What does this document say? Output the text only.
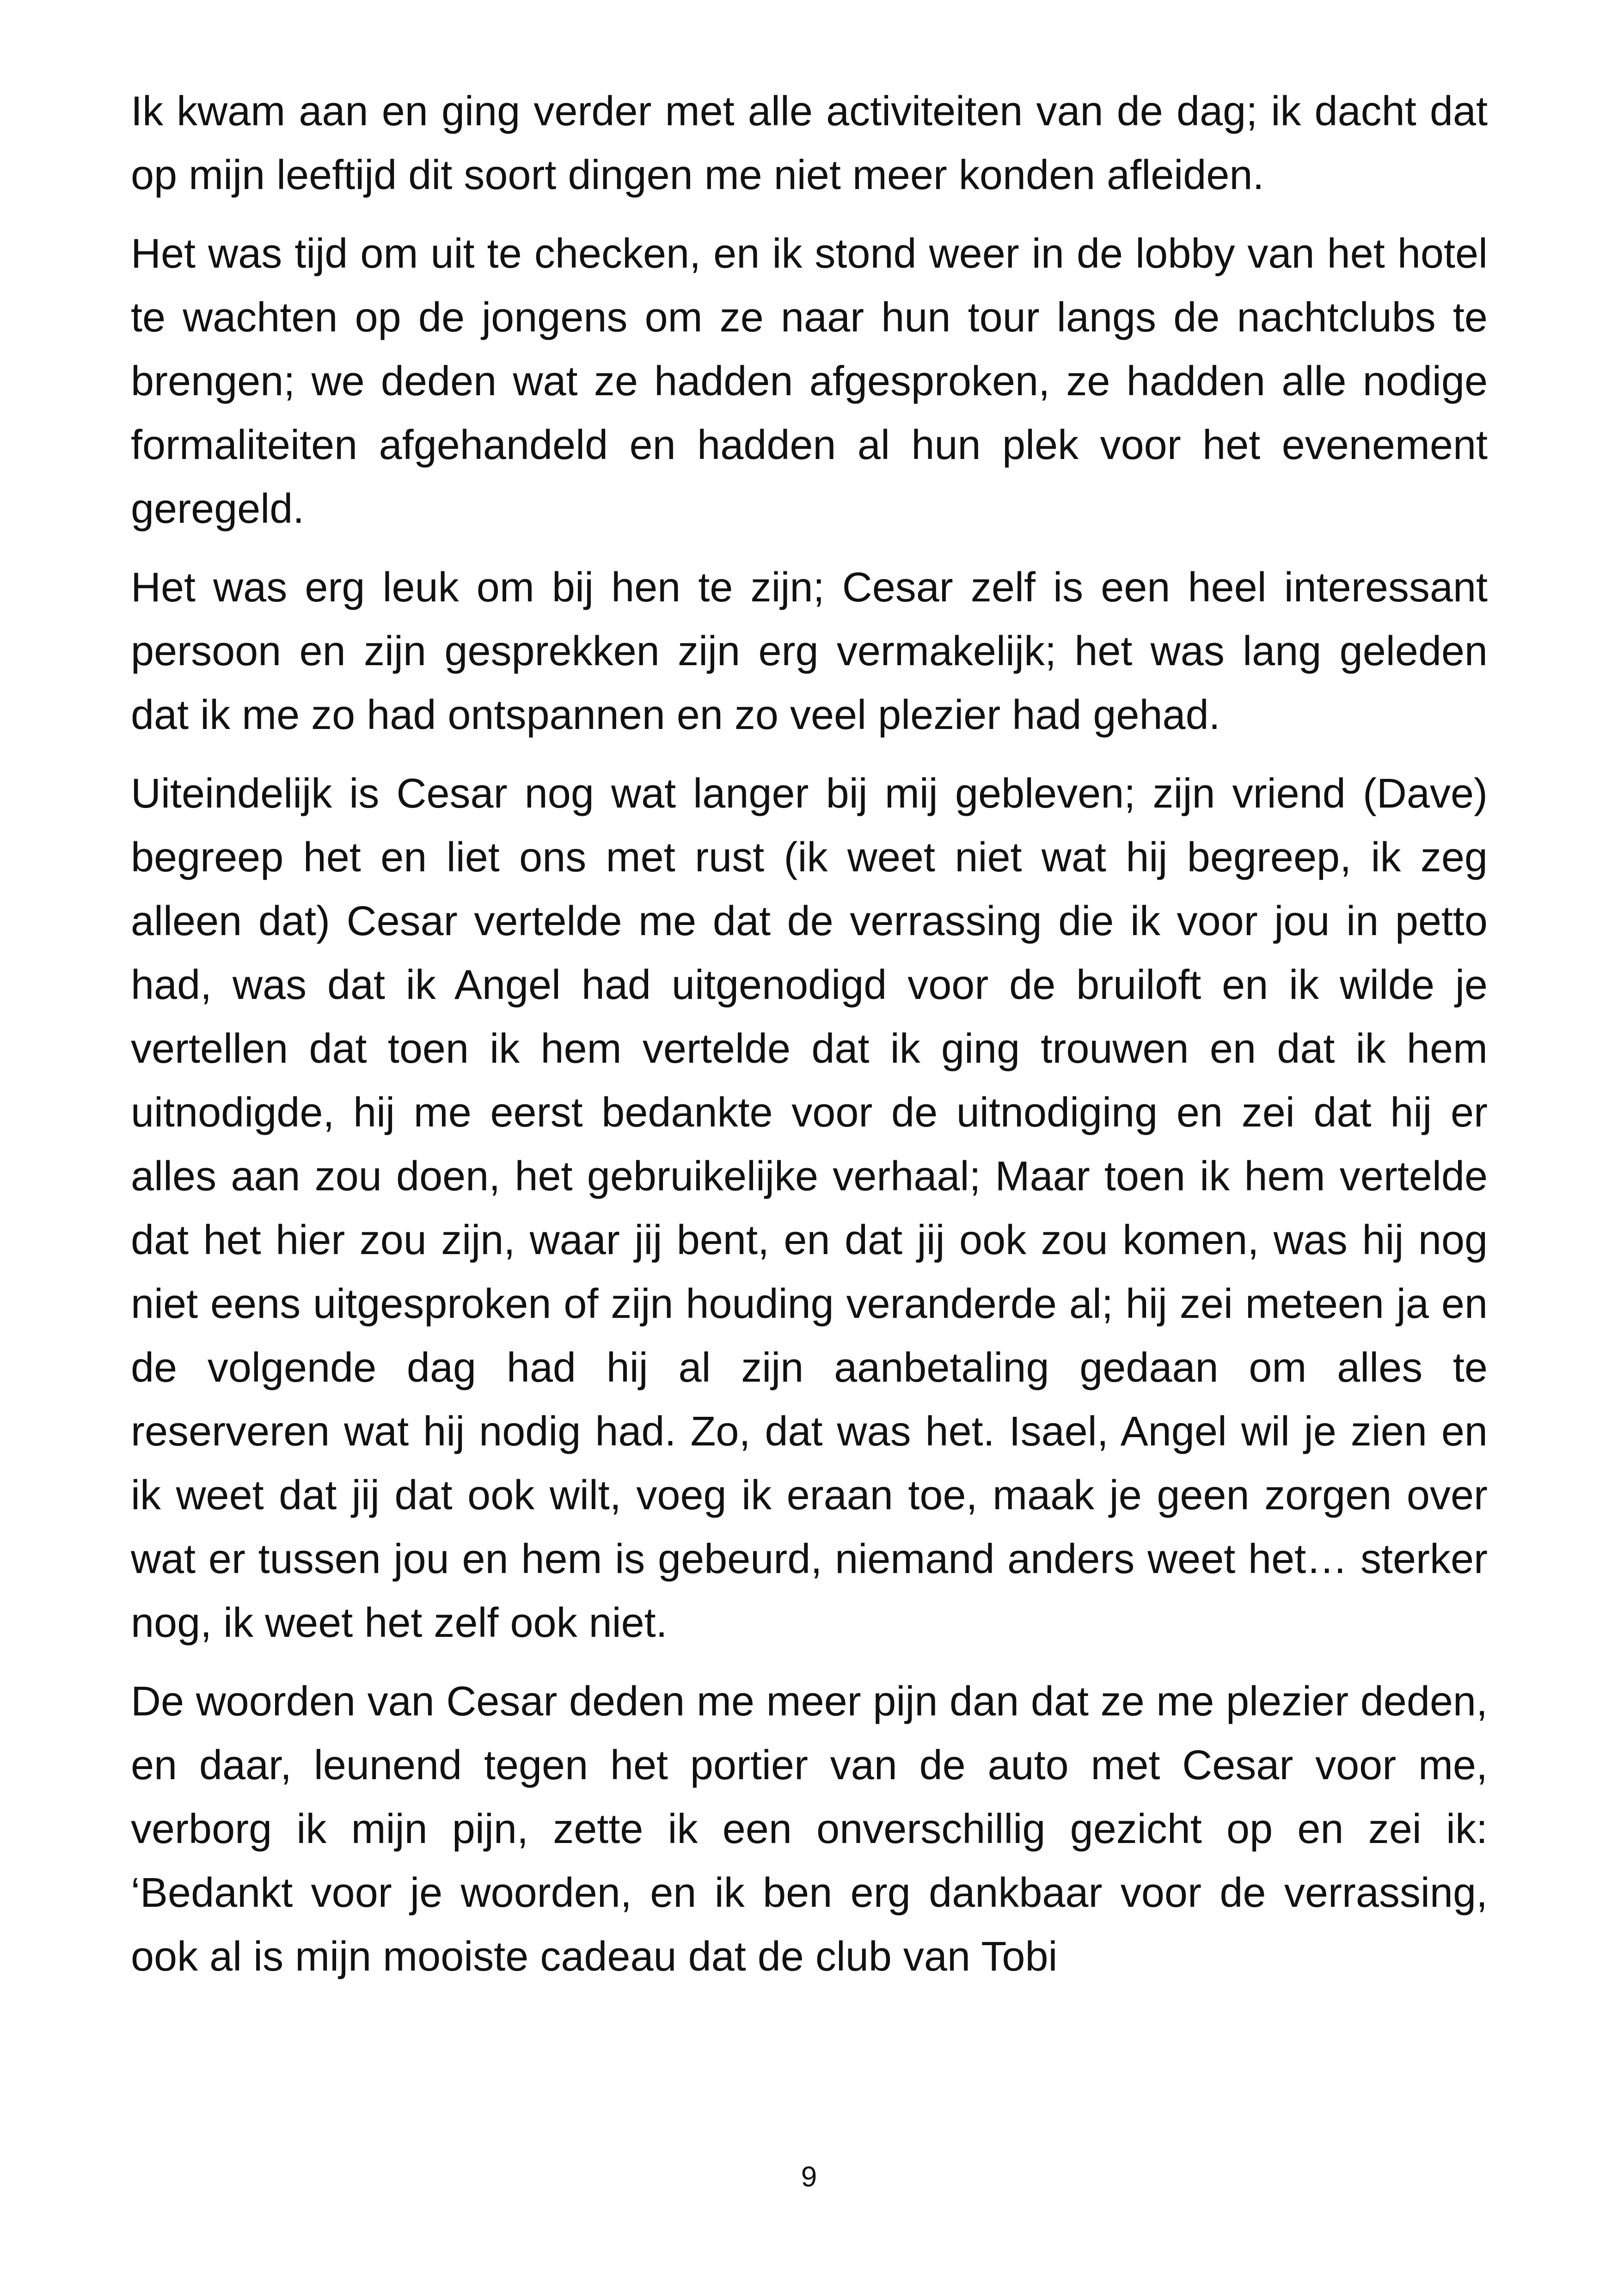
Ik kwam aan en ging verder met alle activiteiten van de dag; ik dacht dat op mijn leeftijd dit soort dingen me niet meer konden afleiden.

Het was tijd om uit te checken, en ik stond weer in de lobby van het hotel te wachten op de jongens om ze naar hun tour langs de nachtclubs te brengen; we deden wat ze hadden afgesproken, ze hadden alle nodige formaliteiten afgehandeld en hadden al hun plek voor het evenement geregeld.

Het was erg leuk om bij hen te zijn; Cesar zelf is een heel interessant persoon en zijn gesprekken zijn erg vermakelijk; het was lang geleden dat ik me zo had ontspannen en zo veel plezier had gehad.

Uiteindelijk is Cesar nog wat langer bij mij gebleven; zijn vriend (Dave) begreep het en liet ons met rust (ik weet niet wat hij begreep, ik zeg alleen dat) Cesar vertelde me dat de verrassing die ik voor jou in petto had, was dat ik Angel had uitgenodigd voor de bruiloft en ik wilde je vertellen dat toen ik hem vertelde dat ik ging trouwen en dat ik hem uitnodigde, hij me eerst bedankte voor de uitnodiging en zei dat hij er alles aan zou doen, het gebruikelijke verhaal; Maar toen ik hem vertelde dat het hier zou zijn, waar jij bent, en dat jij ook zou komen, was hij nog niet eens uitgesproken of zijn houding veranderde al; hij zei meteen ja en de volgende dag had hij al zijn aanbetaling gedaan om alles te reserveren wat hij nodig had. Zo, dat was het. Isael, Angel wil je zien en ik weet dat jij dat ook wilt, voeg ik eraan toe, maak je geen zorgen over wat er tussen jou en hem is gebeurd, niemand anders weet het… sterker nog, ik weet het zelf ook niet.

De woorden van Cesar deden me meer pijn dan dat ze me plezier deden, en daar, leunend tegen het portier van de auto met Cesar voor me, verborg ik mijn pijn, zette ik een onverschillig gezicht op en zei ik: ‘Bedankt voor je woorden, en ik ben erg dankbaar voor de verrassing, ook al is mijn mooiste cadeau dat de club van Tobi

9
